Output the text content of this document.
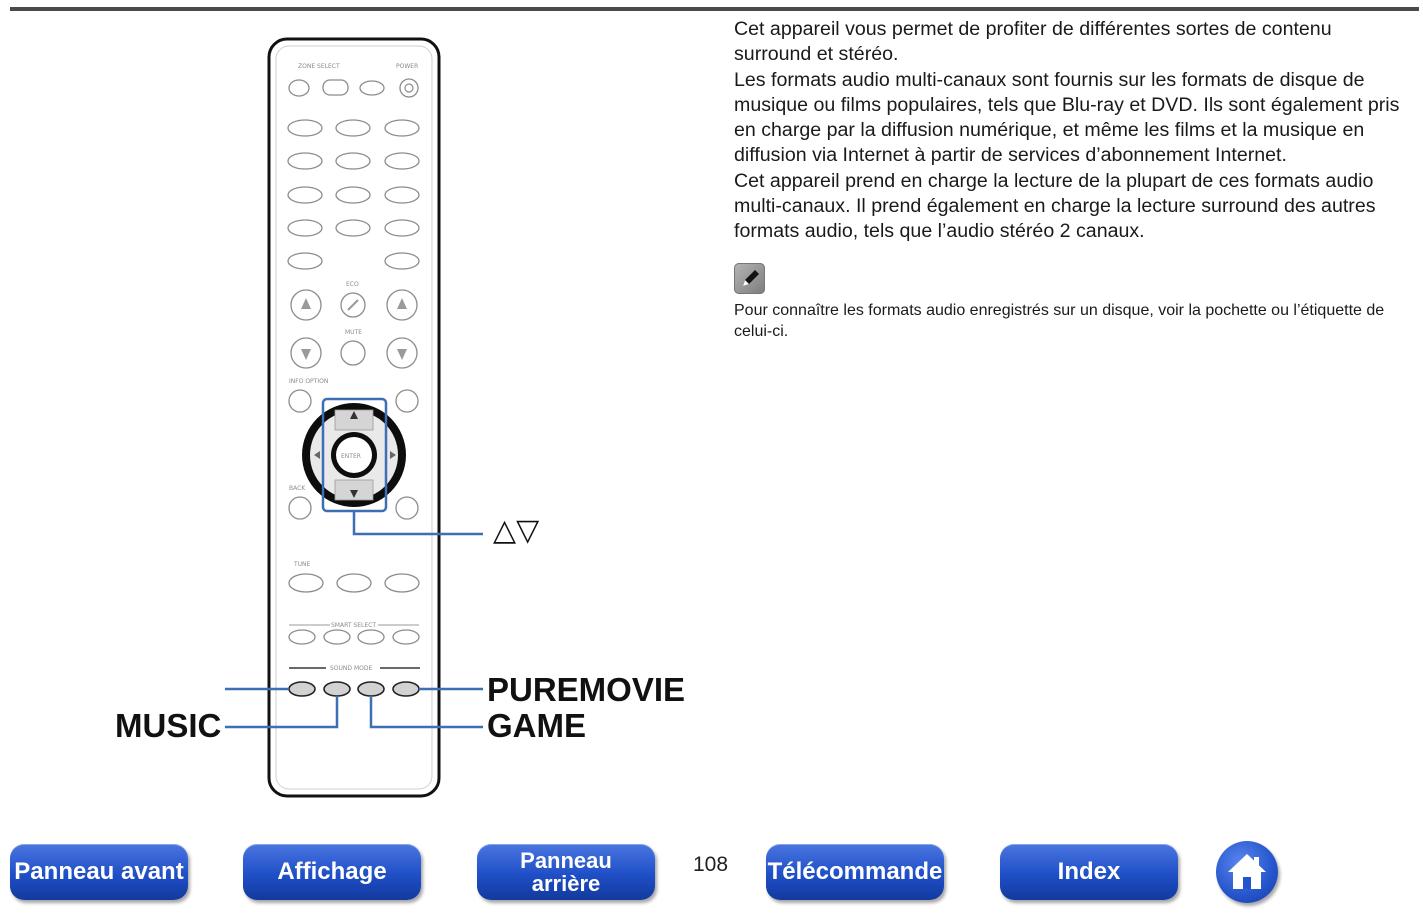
ZONE SELECT	POWER
ECO
MUTE
INFO OPTION
BACK
ENTER
TUNE
SMART SELECT
SOUND MODE
△▽
PUREMOVIE
GAME
MUSIC

Cet appareil vous permet de profiter de différentes sortes de contenu surround et stéréo.

Les formats audio multi-canaux sont fournis sur les formats de disque de musique ou films populaires, tels que Blu-ray et DVD. Ils sont également pris en charge par la diffusion numérique, et même les films et la musique en diffusion via Internet à partir de services d’abonnement Internet.

Cet appareil prend en charge la lecture de la plupart de ces formats audio multi-canaux. Il prend également en charge la lecture surround des autres formats audio, tels que l’audio stéréo 2 canaux.

Pour connaître les formats audio enregistrés sur un disque, voir la pochette ou l’étiquette de celui-ci.
Panneau avant	Affichage	Panneau
arrière
108 Télécommande	Index
